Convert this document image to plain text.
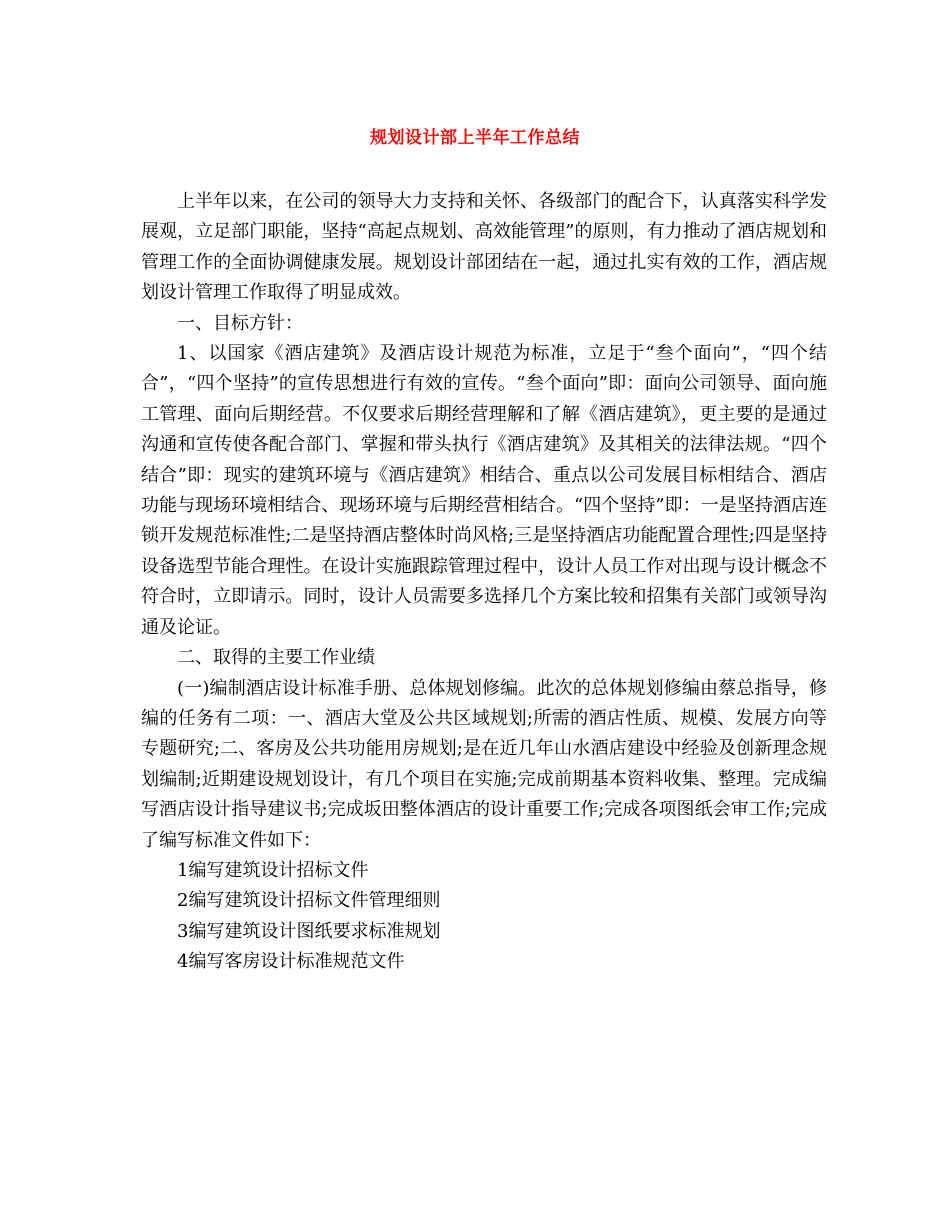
规划设计部上半年工作总结

上半年以来，在公司的领导大力支持和关怀、各级部门的配合下，认真落实科学发展观，立足部门职能，坚持“高起点规划、高效能管理”的原则，有力推动了酒店规划和管理工作的全面协调健康发展。规划设计部团结在一起，通过扎实有效的工作，酒店规划设计管理工作取得了明显成效。

一、目标方针：

1、以国家《酒店建筑》及酒店设计规范为标准，立足于“叁个面向”，“四个结合”，“四个坚持”的宣传思想进行有效的宣传。“叁个面向”即：面向公司领导、面向施工管理、面向后期经营。不仅要求后期经营理解和了解《酒店建筑》，更主要的是通过沟通和宣传使各配合部门、掌握和带头执行《酒店建筑》及其相关的法律法规。“四个结合”即：现实的建筑环境与《酒店建筑》相结合、重点以公司发展目标相结合、酒店功能与现场环境相结合、现场环境与后期经营相结合。“四个坚持”即：一是坚持酒店连锁开发规范标准性;二是坚持酒店整体时尚风格;三是坚持酒店功能配置合理性;四是坚持设备选型节能合理性。在设计实施跟踪管理过程中，设计人员工作对出现与设计概念不符合时，立即请示。同时，设计人员需要多选择几个方案比较和招集有关部门或领导沟通及论证。

二、取得的主要工作业绩

(一)编制酒店设计标准手册、总体规划修编。此次的总体规划修编由蔡总指导，修编的任务有二项：一、酒店大堂及公共区域规划;所需的酒店性质、规模、发展方向等专题研究;二、客房及公共功能用房规划;是在近几年山水酒店建设中经验及创新理念规划编制;近期建设规划设计，有几个项目在实施;完成前期基本资料收集、整理。完成编写酒店设计指导建议书;完成坂田整体酒店的设计重要工作;完成各项图纸会审工作;完成了编写标准文件如下：

1编写建筑设计招标文件

2编写建筑设计招标文件管理细则

3编写建筑设计图纸要求标准规划

4编写客房设计标准规范文件
